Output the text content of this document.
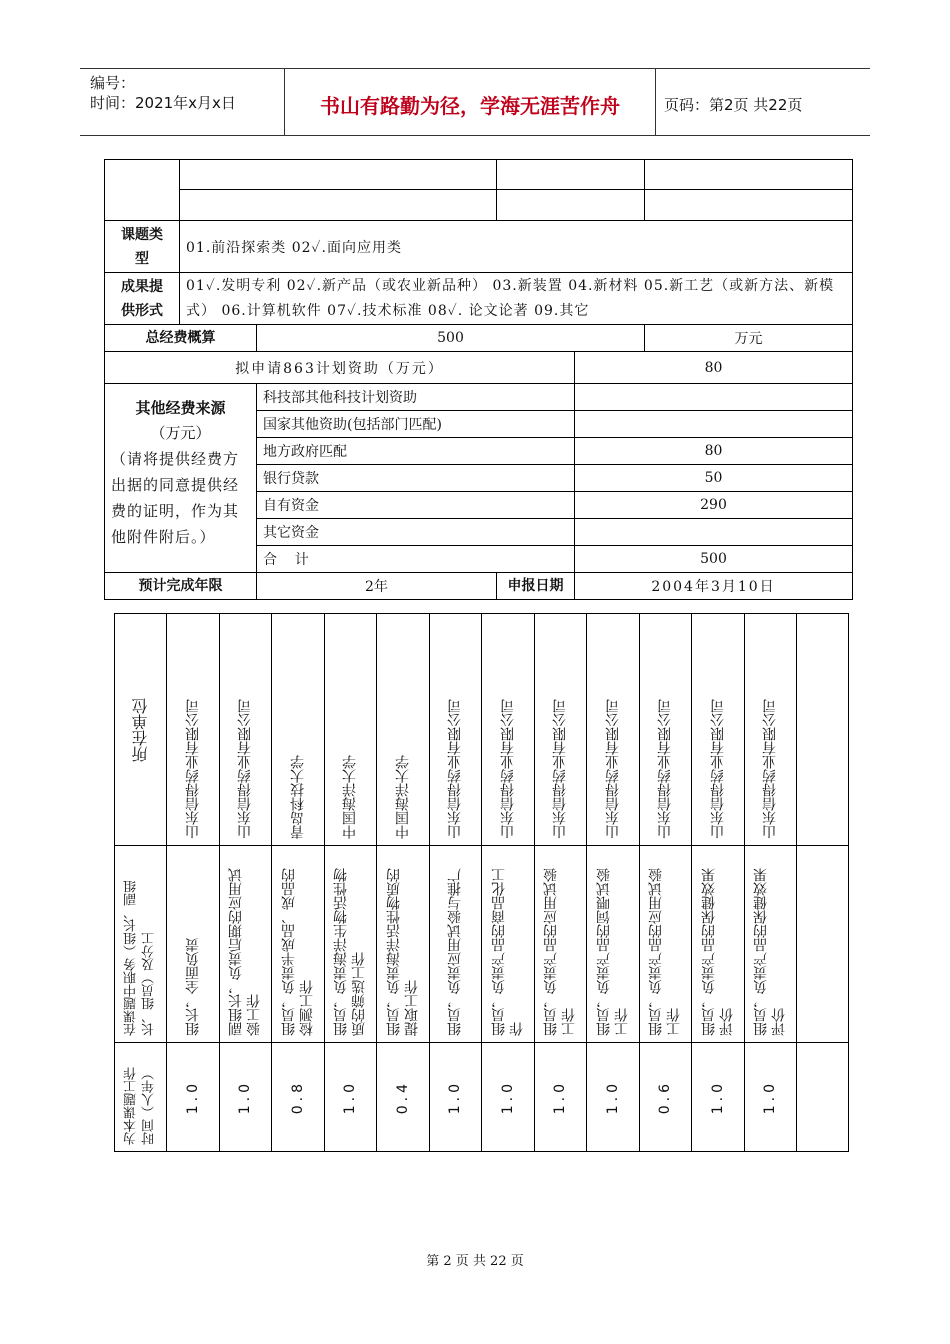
编号：
时间：2021年x月x日	书山有路勤为径，学海无涯苦作舟	页码：第2页 共22页

课题类型	01.前沿探索类 02✓.面向应用类				
成果提供形式	01✓.发明专利 02✓.新产品（或农业新品种） 03.新装置 04.新材料 05.新工艺（或新方法、新模式） 06.计算机软件 07✓.技术标准 08✓. 论文论著 09.其它				
总经费概算		500			万元
拟申请863计划资助（万元）				80	

其他经费来源
（万元）
（请将提供经费方出据的同意提供经费的证明，作为其他附件附后。）		科技部其他科技计划资助			
		国家其他资助(包括部门匹配)			
		地方政府匹配		80	
		银行贷款		50	
		自有资金		290	
		其它资金			
		合    计		500	
预计完成年限		2年	申报日期	2004年3月10日	
所在单位	山东信得药业有限公司	山东信得药业有限公司	青岛科技大学	中国海洋大学	中国海洋大学	山东信得药业有限公司	山东信得药业有限公司	山东信得药业有限公司	山东信得药业有限公司	山东信得药业有限公司	山东信得药业有限公司	山东信得药业有限公司	

在课题中职务（组长、副组长、组员）及分工	组长，全面负责	副组长，负责后期的应用试验工作	组员，负责半成品、成品的检测工作	组员，负责海洋生物活性物质的筛选工作	组员，负责海洋活性物质的提取工作	组员，负责应用试验与推广	组员，负责产品的商品化工作	组员，负责产品的应用试验工作	组员，负责产品的饲喂试验工作	组员，负责产品的应用试验工作	组员，负责产品的保健效果评价	组员，负责产品的保健效果评价	

为本课题工作时间（人年）	1.0	1.0	0.8	1.0	0.4	1.0	1.0	1.0	1.0	0.6	1.0	1.0	

第 2 页 共 22 页
